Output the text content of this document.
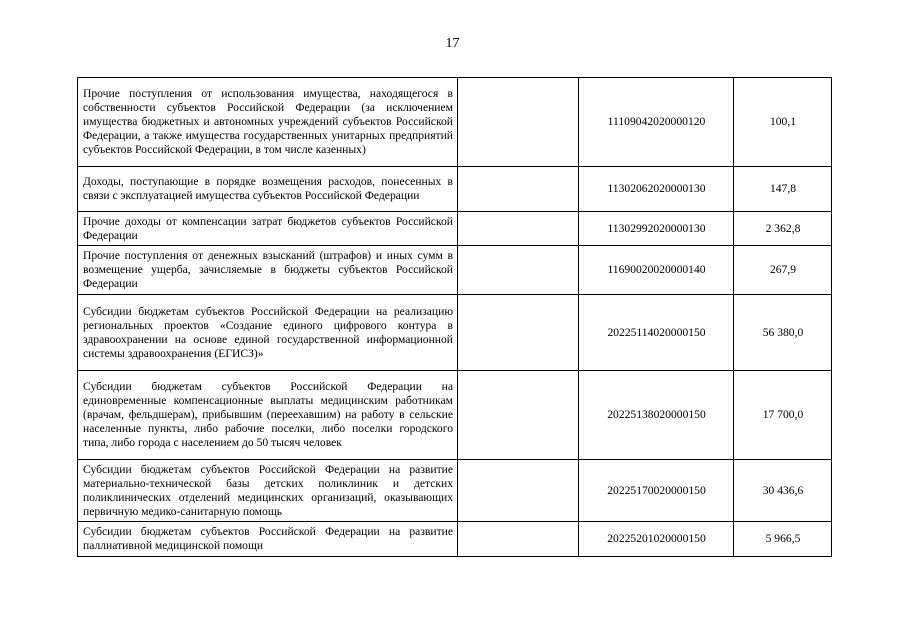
17
Прочие поступления от использования имущества, находящегося в собственности субъектов Российской Федерации (за исключением имущества бюджетных и автономных учреждений субъектов Российской Федерации, а также имущества государственных унитарных предприятий субъектов Российской Федерации, в том числе казенных)		11109042020000120	100,1
Доходы, поступающие в порядке возмещения расходов, понесенных в связи с эксплуатацией имущества субъектов Российской Федерации		11302062020000130	147,8
Прочие доходы от компенсации затрат бюджетов субъектов Российской Федерации		11302992020000130	2 362,8
Прочие поступления от денежных взысканий (штрафов) и иных сумм в возмещение ущерба, зачисляемые в бюджеты субъектов Российской Федерации		11690020020000140	267,9
Субсидии бюджетам субъектов Российской Федерации на реализацию региональных проектов «Создание единого цифрового контура в здравоохранении на основе единой государственной информационной системы здравоохранения (ЕГИСЗ)»		20225114020000150	56 380,0
Субсидии бюджетам субъектов Российской Федерации на единовременные компенсационные выплаты медицинским работникам (врачам, фельдшерам), прибывшим (переехавшим) на работу в сельские населенные пункты, либо рабочие поселки, либо поселки городского типа, либо города с населением до 50 тысяч человек		20225138020000150	17 700,0
Субсидии бюджетам субъектов Российской Федерации на развитие материально-технической базы детских поликлиник и детских поликлинических отделений медицинских организаций, оказывающих первичную медико-санитарную помощь		20225170020000150	30 436,6
Субсидии бюджетам субъектов Российской Федерации на развитие паллиативной медицинской помощи		20225201020000150	5 966,5
